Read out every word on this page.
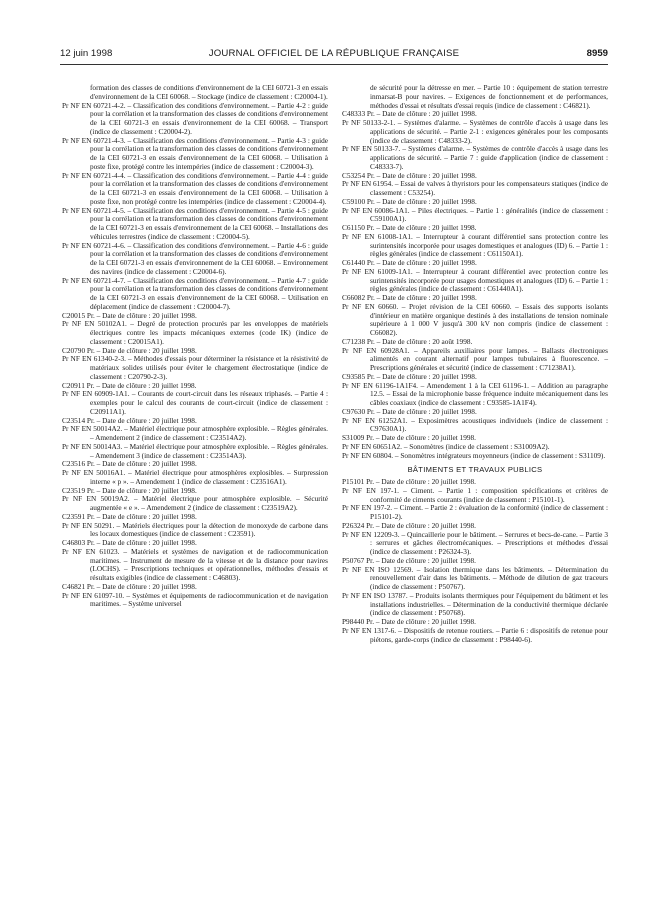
12 juin 1998	JOURNAL OFFICIEL DE LA RÉPUBLIQUE FRANÇAISE	8959

formation des classes de conditions d'environnement de la CEI 60721-3 en essais d'environnement de la CEI 60068. – Stockage (indice de classement : C20004-1).

Pr NF EN 60721-4-2. – Classification des conditions d'environnement. – Partie 4-2 : guide pour la corrélation et la transformation des classes de conditions d'environnement de la CEI 60721-3 en essais d'environnement de la CEI 60068. – Transport (indice de classement : C20004-2).

Pr NF EN 60721-4-3. – Classification des conditions d'environnement. – Partie 4-3 : guide pour la corrélation et la transformation des classes de conditions d'environnement de la CEI 60721-3 en essais d'environnement de la CEI 60068. – Utilisation à poste fixe, protégé contre les intempéries (indice de classement : C20004-3).

Pr NF EN 60721-4-4. – Classification des conditions d'environnement. – Partie 4-4 : guide pour la corrélation et la transformation des classes de conditions d'environnement de la CEI 60721-3 en essais d'environnement de la CEI 60068. – Utilisation à poste fixe, non protégé contre les intempéries (indice de classement : C20004-4).

Pr NF EN 60721-4-5. – Classification des conditions d'environnement. – Partie 4-5 : guide pour la corrélation et la transformation des classes de conditions d'environnement de la CEI 60721-3 en essais d'environnement de la CEI 60068. – Installations des véhicules terrestres (indice de classement : C20004-5).

Pr NF EN 60721-4-6. – Classification des conditions d'environnement. – Partie 4-6 : guide pour la corrélation et la transformation des classes de conditions d'environnement de la CEI 60721-3 en essais d'environnement de la CEI 60068. – Environnement des navires (indice de classement : C20004-6).

Pr NF EN 60721-4-7. – Classification des conditions d'environnement. – Partie 4-7 : guide pour la corrélation et la transformation des classes de conditions d'environnement de la CEI 60721-3 en essais d'environnement de la CEI 60068. – Utilisation en déplacement (indice de classement : C20004-7).

C20015 Pr. – Date de clôture : 20 juillet 1998.

Pr NF EN 50102A1. – Degré de protection procurés par les enveloppes de matériels électriques contre les impacts mécaniques externes (code IK) (indice de classement : C20015A1).

C20790 Pr. – Date de clôture : 20 juillet 1998.

Pr NF EN 61340-2-3. – Méthodes d'essais pour déterminer la résistance et la résistivité de matériaux solides utilisés pour éviter le chargement électrostatique (indice de classement : C20790-2-3).

C20911 Pr. – Date de clôture : 20 juillet 1998.

Pr NF EN 60909-1A1. – Courants de court-circuit dans les réseaux triphasés. – Partie 4 : exemples pour le calcul des courants de court-circuit (indice de classement : C20911A1).

C23514 Pr. – Date de clôture : 20 juillet 1998.

Pr NF EN 50014A2. – Matériel électrique pour atmosphère explosible. – Règles générales. – Amendement 2 (indice de classement : C23514A2).

Pr NF EN 50014A3. – Matériel électrique pour atmosphère explosible. – Règles générales. – Amendement 3 (indice de classement : C23514A3).

C23516 Pr. – Date de clôture : 20 juillet 1998.

Pr NF EN 50016A1. – Matériel électrique pour atmosphères explosibles. – Surpression interne « p ». – Amendement 1 (indice de classement : C23516A1).

C23519 Pr. – Date de clôture : 20 juillet 1998.

Pr NF EN 50019A2. – Matériel électrique pour atmosphère explosible. – Sécurité augmentée « e ». – Amendement 2 (indice de classement : C23519A2).

C23591 Pr. – Date de clôture : 20 juillet 1998.

Pr NF EN 50291. – Matériels électriques pour la détection de monoxyde de carbone dans les locaux domestiques (indice de classement : C23591).

C46803 Pr. – Date de clôture : 20 juillet 1998.

Pr NF EN 61023. – Matériels et systèmes de navigation et de radiocommunication maritimes. – Instrument de mesure de la vitesse et de la distance pour navires (LOCHS). – Prescriptions techniques et opérationnelles, méthodes d'essais et résultats exigibles (indice de classement : C46803).

C46821 Pr. – Date de clôture : 20 juillet 1998.

Pr NF EN 61097-10. – Systèmes et équipements de radiocommunication et de navigation maritimes. – Système universel

de sécurité pour la détresse en mer. – Partie 10 : équipement de station terrestre inmarsat-B pour navires. – Exigences de fonctionnement et de performances, méthodes d'essai et résultats d'essai requis (indice de classement : C46821).

C48333 Pr. – Date de clôture : 20 juillet 1998.

Pr NF 50133-2-1. – Systèmes d'alarme. – Systèmes de contrôle d'accès à usage dans les applications de sécurité. – Partie 2-1 : exigences générales pour les composants (indice de classement : C48333-2).

Pr NF EN 50133-7. – Systèmes d'alarme. – Systèmes de contrôle d'accès à usage dans les applications de sécurité. – Partie 7 : guide d'application (indice de classement : C48333-7).

C53254 Pr. – Date de clôture : 20 juillet 1998.

Pr NF EN 61954. – Essai de valves à thyristors pour les compensateurs statiques (indice de classement : C53254).

C59100 Pr. – Date de clôture : 20 juillet 1998.

Pr NF EN 60086-1A1. – Piles électriques. – Partie 1 : généralités (indice de classement : C59100A1).

C61150 Pr. – Date de clôture : 20 juillet 1998.

Pr NF EN 61008-1A1. – Interrupteur à courant différentiel sans protection contre les surintensités incorporée pour usages domestiques et analogues (ID) 6. – Partie 1 : règles générales (indice de classement : C61150A1).

C61440 Pr. – Date de clôture : 20 juillet 1998.

Pr NF EN 61009-1A1. – Interrupteur à courant différentiel avec protection contre les surintensités incorporée pour usages domestiques et analogues (ID) 6. – Partie 1 : règles générales (indice de classement : C61440A1).

C66082 Pr. – Date de clôture : 20 juillet 1998.

Pr NF EN 60660. – Projet révision de la CEI 60660. – Essais des supports isolants d'intérieur en matière organique destinés à des installations de tension nominale supérieure à 1 000 V jusqu'à 300 kV non compris (indice de classement : C66082).

C71238 Pr. – Date de clôture : 20 août 1998.

Pr NF EN 60928A1. – Appareils auxiliaires pour lampes. – Ballasts électroniques alimentés en courant alternatif pour lampes tubulaires à fluorescence. – Prescriptions générales et sécurité (indice de classement : C71238A1).

C93585 Pr. – Date de clôture : 20 juillet 1998.

Pr NF EN 61196-1A1F4. – Amendement 1 à la CEI 61196-1. – Addition au paragraphe 12.5. – Essai de la microphonie basse fréquence induite mécaniquement dans les câbles coaxiaux (indice de classement : C93585-1A1F4).

C97630 Pr. – Date de clôture : 20 juillet 1998.

Pr NF EN 61252A1. – Exposimètres acoustiques individuels (indice de classement : C97630A1).

S31009 Pr. – Date de clôture : 20 juillet 1998.

Pr NF EN 60651A2. – Sonomètres (indice de classement : S31009A2).

Pr NF EN 60804. – Sonomètres intégrateurs moyenneurs (indice de classement : S31109).

BÂTIMENTS ET TRAVAUX PUBLICS

P15101 Pr. – Date de clôture : 20 juillet 1998.

Pr NF EN 197-1. – Ciment. – Partie 1 : composition spécifications et critères de conformité de ciments courants (indice de classement : P15101-1).

Pr NF EN 197-2. – Ciment. – Partie 2 : évaluation de la conformité (indice de classement : P15101-2).

P26324 Pr. – Date de clôture : 20 juillet 1998.

Pr NF EN 12209-3. – Quincaillerie pour le bâtiment. – Serrures et becs-de-cane. – Partie 3 : serrures et gâches électromécaniques. – Prescriptions et méthodes d'essai (indice de classement : P26324-3).

P50767 Pr. – Date de clôture : 20 juillet 1998.

Pr NF EN ISO 12569. – Isolation thermique dans les bâtiments. – Détermination du renouvellement d'air dans les bâtiments. – Méthode de dilution de gaz traceurs (indice de classement : P50767).

Pr NF EN ISO 13787. – Produits isolants thermiques pour l'équipement du bâtiment et les installations industrielles. – Détermination de la conductivité thermique déclarée (indice de classement : P50768).

P98440 Pr. – Date de clôture : 20 juillet 1998.

Pr NF EN 1317-6. – Dispositifs de retenue routiers. – Partie 6 : dispositifs de retenue pour piétons, garde-corps (indice de classement : P98440-6).
